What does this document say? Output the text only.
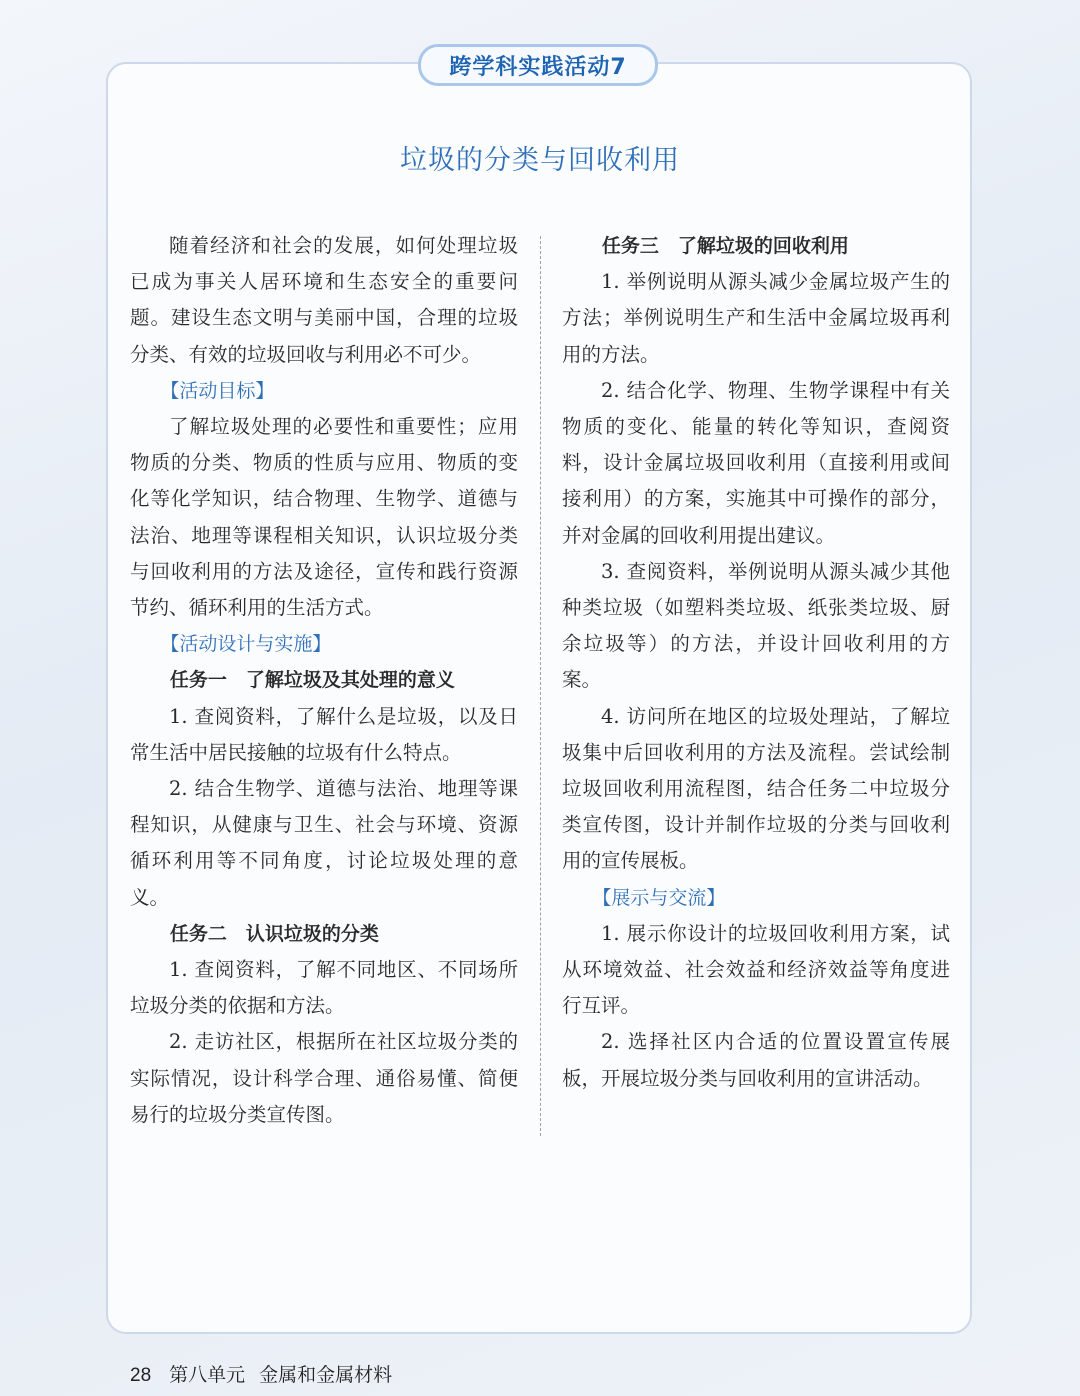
跨学科实践活动7
垃圾的分类与回收利用

随着经济和社会的发展，如何处理垃圾已成为事关人居环境和生态安全的重要问题。建设生态文明与美丽中国，合理的垃圾分类、有效的垃圾回收与利用必不可少。

【活动目标】

了解垃圾处理的必要性和重要性；应用物质的分类、物质的性质与应用、物质的变化等化学知识，结合物理、生物学、道德与法治、地理等课程相关知识，认识垃圾分类与回收利用的方法及途径，宣传和践行资源节约、循环利用的生活方式。

【活动设计与实施】
任务一 了解垃圾及其处理的意义

1. 查阅资料，了解什么是垃圾，以及日常生活中居民接触的垃圾有什么特点。

2. 结合生物学、道德与法治、地理等课程知识，从健康与卫生、社会与环境、资源循环利用等不同角度，讨论垃圾处理的意义。

任务二 认识垃圾的分类

1. 查阅资料，了解不同地区、不同场所垃圾分类的依据和方法。

2. 走访社区，根据所在社区垃圾分类的实际情况，设计科学合理、通俗易懂、简便易行的垃圾分类宣传图。

任务三 了解垃圾的回收利用

1. 举例说明从源头减少金属垃圾产生的方法；举例说明生产和生活中金属垃圾再利用的方法。

2. 结合化学、物理、生物学课程中有关物质的变化、能量的转化等知识，查阅资料，设计金属垃圾回收利用（直接利用或间接利用）的方案，实施其中可操作的部分，并对金属的回收利用提出建议。

3. 查阅资料，举例说明从源头减少其他种类垃圾（如塑料类垃圾、纸张类垃圾、厨余垃圾等）的方法，并设计回收利用的方案。

4. 访问所在地区的垃圾处理站，了解垃圾集中后回收利用的方法及流程。尝试绘制垃圾回收利用流程图，结合任务二中垃圾分类宣传图，设计并制作垃圾的分类与回收利用的宣传展板。

【展示与交流】

1. 展示你设计的垃圾回收利用方案，试从环境效益、社会效益和经济效益等角度进行互评。

2. 选择社区内合适的位置设置宣传展板，开展垃圾分类与回收利用的宣讲活动。

28 第八单元 金属和金属材料
